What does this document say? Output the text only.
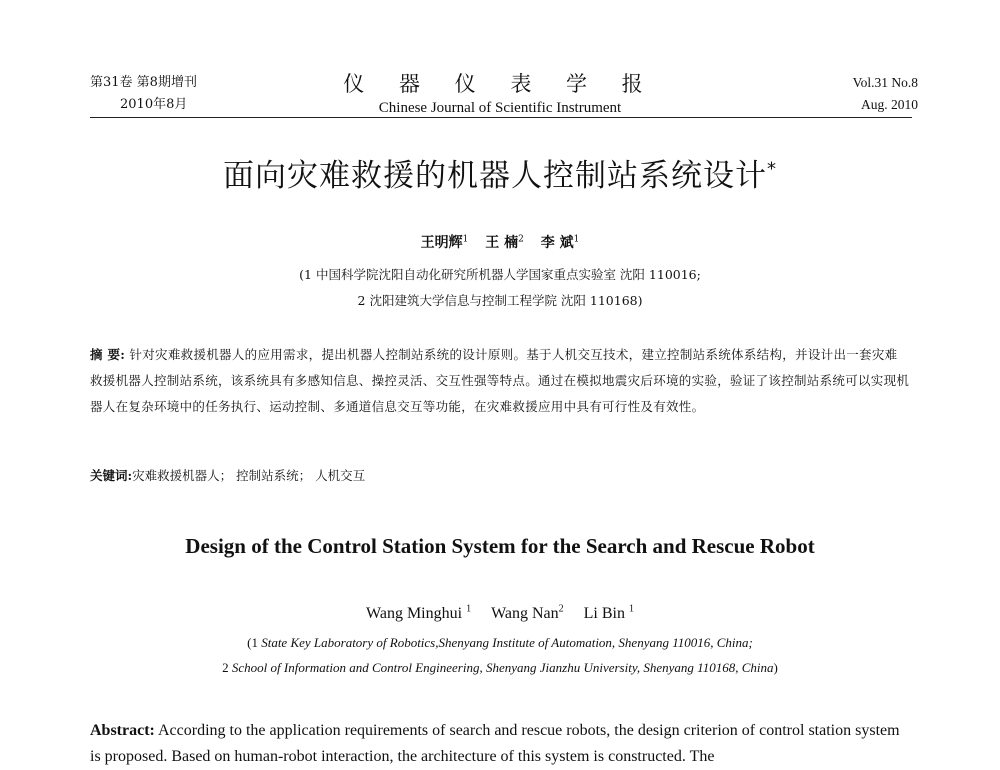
第31卷 第8期增刊
2010年8月
仪 器 仪 表 学 报
Chinese Journal of Scientific Instrument
Vol.31 No.8
Aug. 2010
面向灾难救援的机器人控制站系统设计*
王明辉$^1$ 王 楠$^2$ 李 斌$^1$
(1 中国科学院沈阳自动化研究所机器人学国家重点实验室 沈阳 110016;
2 沈阳建筑大学信息与控制工程学院 沈阳 110168)
摘 要: 针对灾难救援机器人的应用需求，提出机器人控制站系统的设计原则。基于人机交互技术，建立控制站系统体系结构，并设计出一套灾难救援机器人控制站系统，该系统具有多感知信息、操控灵活、交互性强等特点。通过在模拟地震灾后环境的实验，验证了该控制站系统可以实现机器人在复杂环境中的任务执行、运动控制、多通道信息交互等功能，在灾难救援应用中具有可行性及有效性。
关键词:灾难救援机器人； 控制站系统； 人机交互
Design of the Control Station System for the Search and Rescue Robot
Wang Minghui $^1$ Wang Nan$^2$ Li Bin $^1$
(1 State Key Laboratory of Robotics,Shenyang Institute of Automation, Shenyang 110016, China;
2 School of Information and Control Engineering, Shenyang Jianzhu University, Shenyang 110168, China)
Abstract: According to the application requirements of search and rescue robots, the design criterion of control station system is proposed. Based on human-robot interaction, the architecture of this system is constructed. The
